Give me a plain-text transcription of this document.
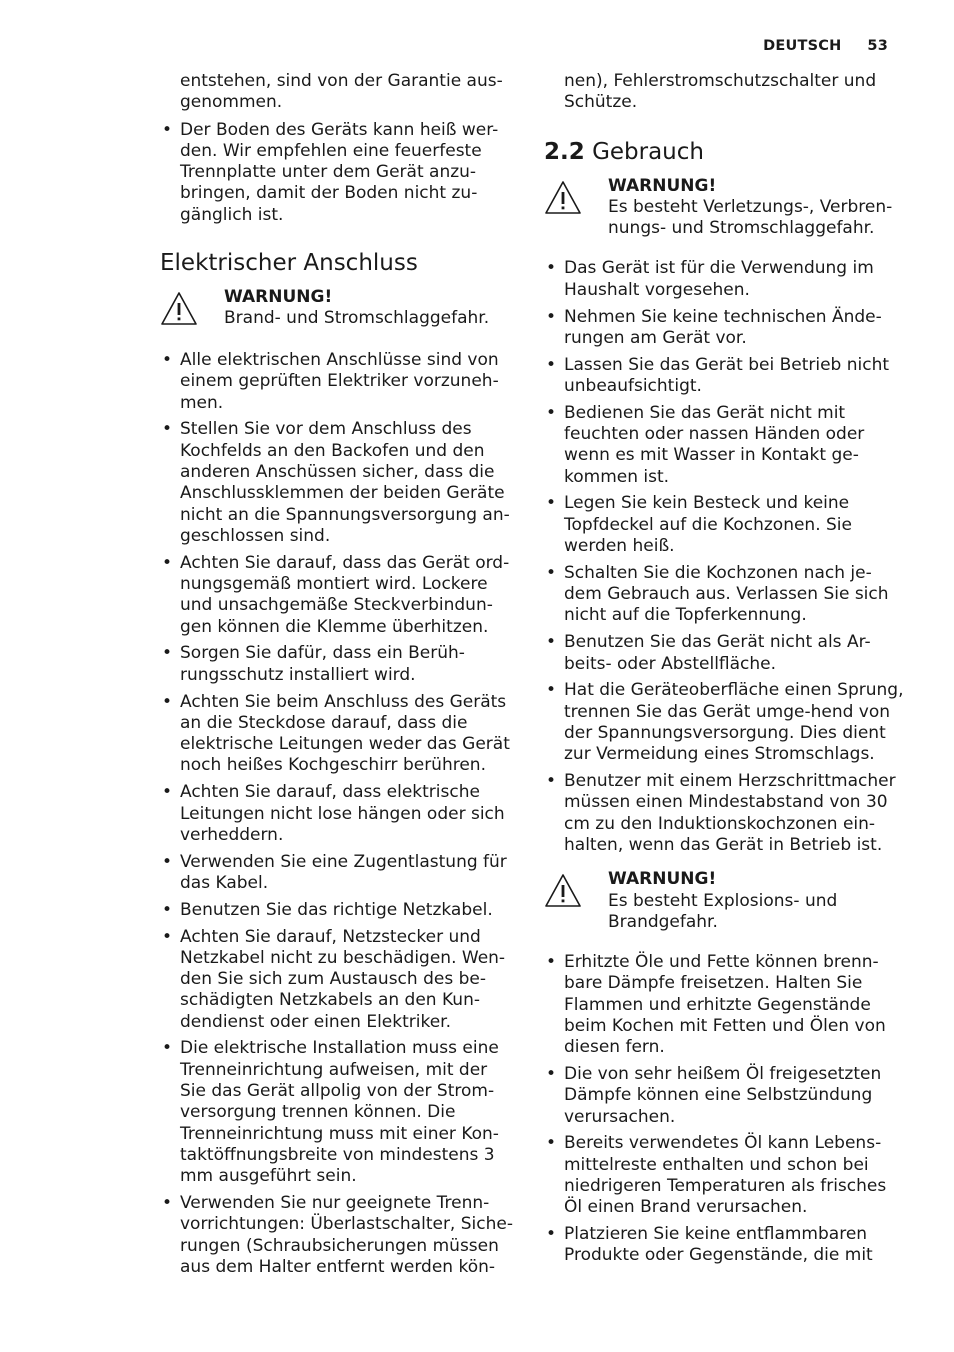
DEUTSCH 53

entstehen, sind von der Garantie aus-genommen.

• Der Boden des Geräts kann heiß wer-den. Wir empfehlen eine feuerfeste Trennplatte unter dem Gerät anzu-bringen, damit der Boden nicht zu-gänglich ist.
Elektrischer Anschluss
WARNUNG!
Brand- und Stromschlaggefahr.
• Alle elektrischen Anschlüsse sind von einem geprüften Elektriker vorzuneh-men.
• Stellen Sie vor dem Anschluss des Kochfelds an den Backofen und den anderen Anschüssen sicher, dass die Anschlussklemmen der beiden Geräte nicht an die Spannungsversorgung an-geschlossen sind.
• Achten Sie darauf, dass das Gerät ord-nungsgemäß montiert wird. Lockere und unsachgemäße Steckverbindun-gen können die Klemme überhitzen.
• Sorgen Sie dafür, dass ein Berüh-rungsschutz installiert wird.
• Achten Sie beim Anschluss des Geräts an die Steckdose darauf, dass die elektrische Leitungen weder das Gerät noch heißes Kochgeschirr berühren.
• Achten Sie darauf, dass elektrische Leitungen nicht lose hängen oder sich verheddern.
• Verwenden Sie eine Zugentlastung für das Kabel.
• Benutzen Sie das richtige Netzkabel.
• Achten Sie darauf, Netzstecker und Netzkabel nicht zu beschädigen. Wen-den Sie sich zum Austausch des be-schädigten Netzkabels an den Kun-dendienst oder einen Elektriker.
• Die elektrische Installation muss eine Trenneinrichtung aufweisen, mit der Sie das Gerät allpolig von der Strom-versorgung trennen können. Die Trenneinrichtung muss mit einer Kon-taktöffnungsbreite von mindestens 3 mm ausgeführt sein.
• Verwenden Sie nur geeignete Trenn-vorrichtungen: Überlastschalter, Siche-rungen (Schraubsicherungen müssen aus dem Halter entfernt werden kön-

nen), Fehlerstromschutzschalter und Schütze.

2.2 Gebrauch
WARNUNG!
Es besteht Verletzungs-, Verbren-nungs- und Stromschlaggefahr.
• Das Gerät ist für die Verwendung im Haushalt vorgesehen.
• Nehmen Sie keine technischen Ände-rungen am Gerät vor.
• Lassen Sie das Gerät bei Betrieb nicht unbeaufsichtigt.
• Bedienen Sie das Gerät nicht mit feuchten oder nassen Händen oder wenn es mit Wasser in Kontakt ge-kommen ist.
• Legen Sie kein Besteck und keine Topfdeckel auf die Kochzonen. Sie werden heiß.
• Schalten Sie die Kochzonen nach je-dem Gebrauch aus. Verlassen Sie sich nicht auf die Topferkennung.
• Benutzen Sie das Gerät nicht als Ar-beits- oder Abstellfläche.
• Hat die Geräteoberfläche einen Sprung, trennen Sie das Gerät umge-hend von der Spannungsversorgung. Dies dient zur Vermeidung eines Stromschlags.
• Benutzer mit einem Herzschrittmacher müssen einen Mindestabstand von 30 cm zu den Induktionskochzonen ein-halten, wenn das Gerät in Betrieb ist.
WARNUNG!
Es besteht Explosions- und Brandgefahr.
• Erhitzte Öle und Fette können brenn-bare Dämpfe freisetzen. Halten Sie Flammen und erhitzte Gegenstände beim Kochen mit Fetten und Ölen von diesen fern.
• Die von sehr heißem Öl freigesetzten Dämpfe können eine Selbstzündung verursachen.
• Bereits verwendetes Öl kann Lebens-mittelreste enthalten und schon bei niedrigeren Temperaturen als frisches Öl einen Brand verursachen.
• Platzieren Sie keine entflammbaren Produkte oder Gegenstände, die mit
